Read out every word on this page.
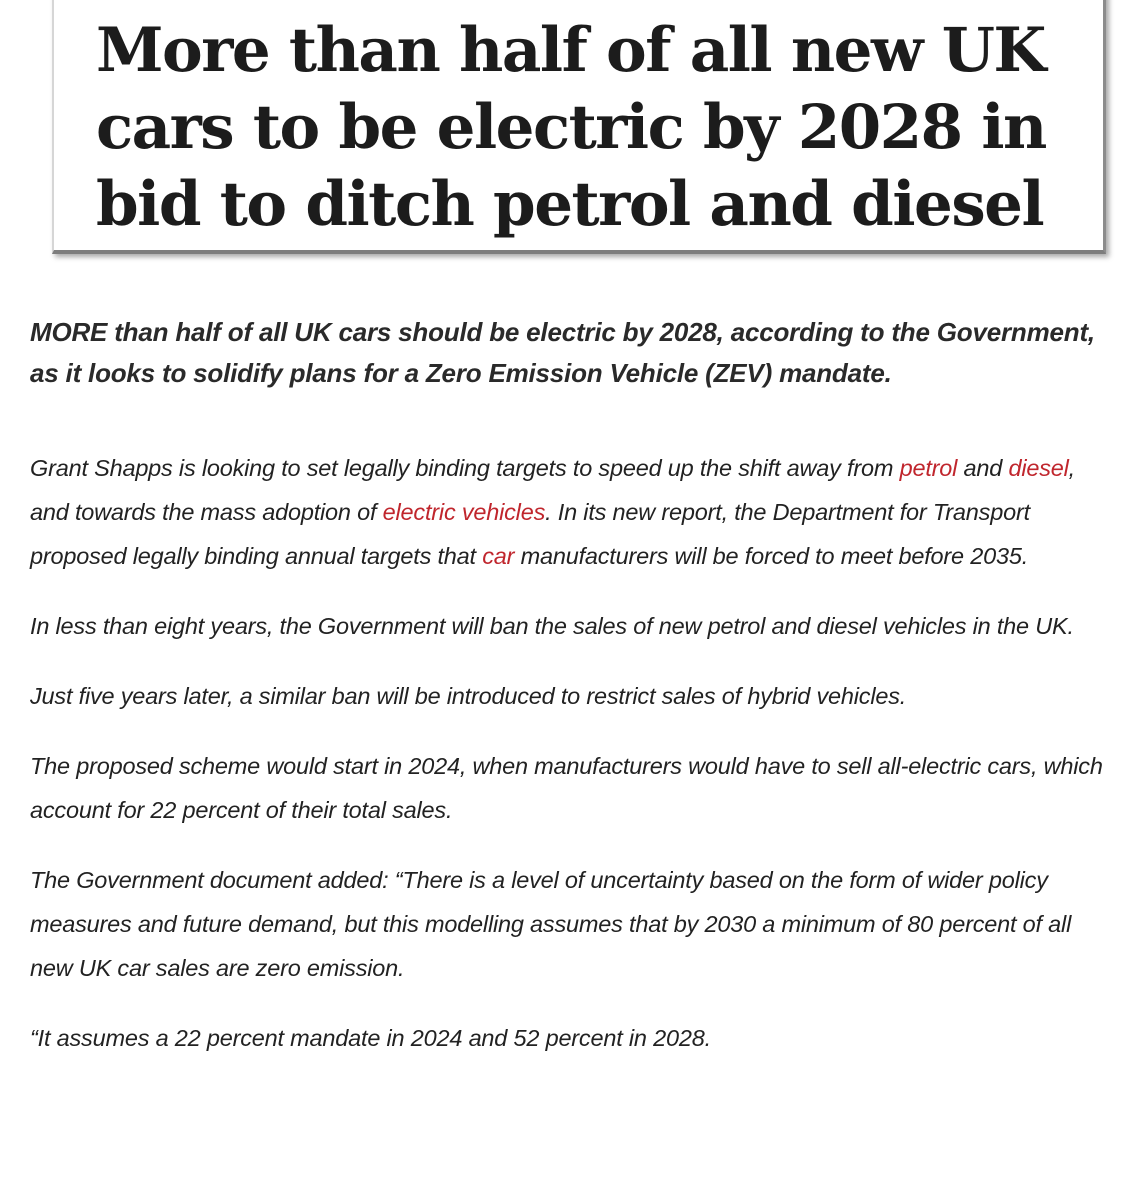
More than half of all new UK cars to be electric by 2028 in bid to ditch petrol and diesel

MORE than half of all UK cars should be electric by 2028, according to the Government, as it looks to solidify plans for a Zero Emission Vehicle (ZEV) mandate.

Grant Shapps is looking to set legally binding targets to speed up the shift away from petrol and diesel, and towards the mass adoption of electric vehicles. In its new report, the Department for Transport proposed legally binding annual targets that car manufacturers will be forced to meet before 2035.

In less than eight years, the Government will ban the sales of new petrol and diesel vehicles in the UK.

Just five years later, a similar ban will be introduced to restrict sales of hybrid vehicles.

The proposed scheme would start in 2024, when manufacturers would have to sell all-electric cars, which account for 22 percent of their total sales.

The Government document added: “There is a level of uncertainty based on the form of wider policy measures and future demand, but this modelling assumes that by 2030 a minimum of 80 percent of all new UK car sales are zero emission.

“It assumes a 22 percent mandate in 2024 and 52 percent in 2028.
